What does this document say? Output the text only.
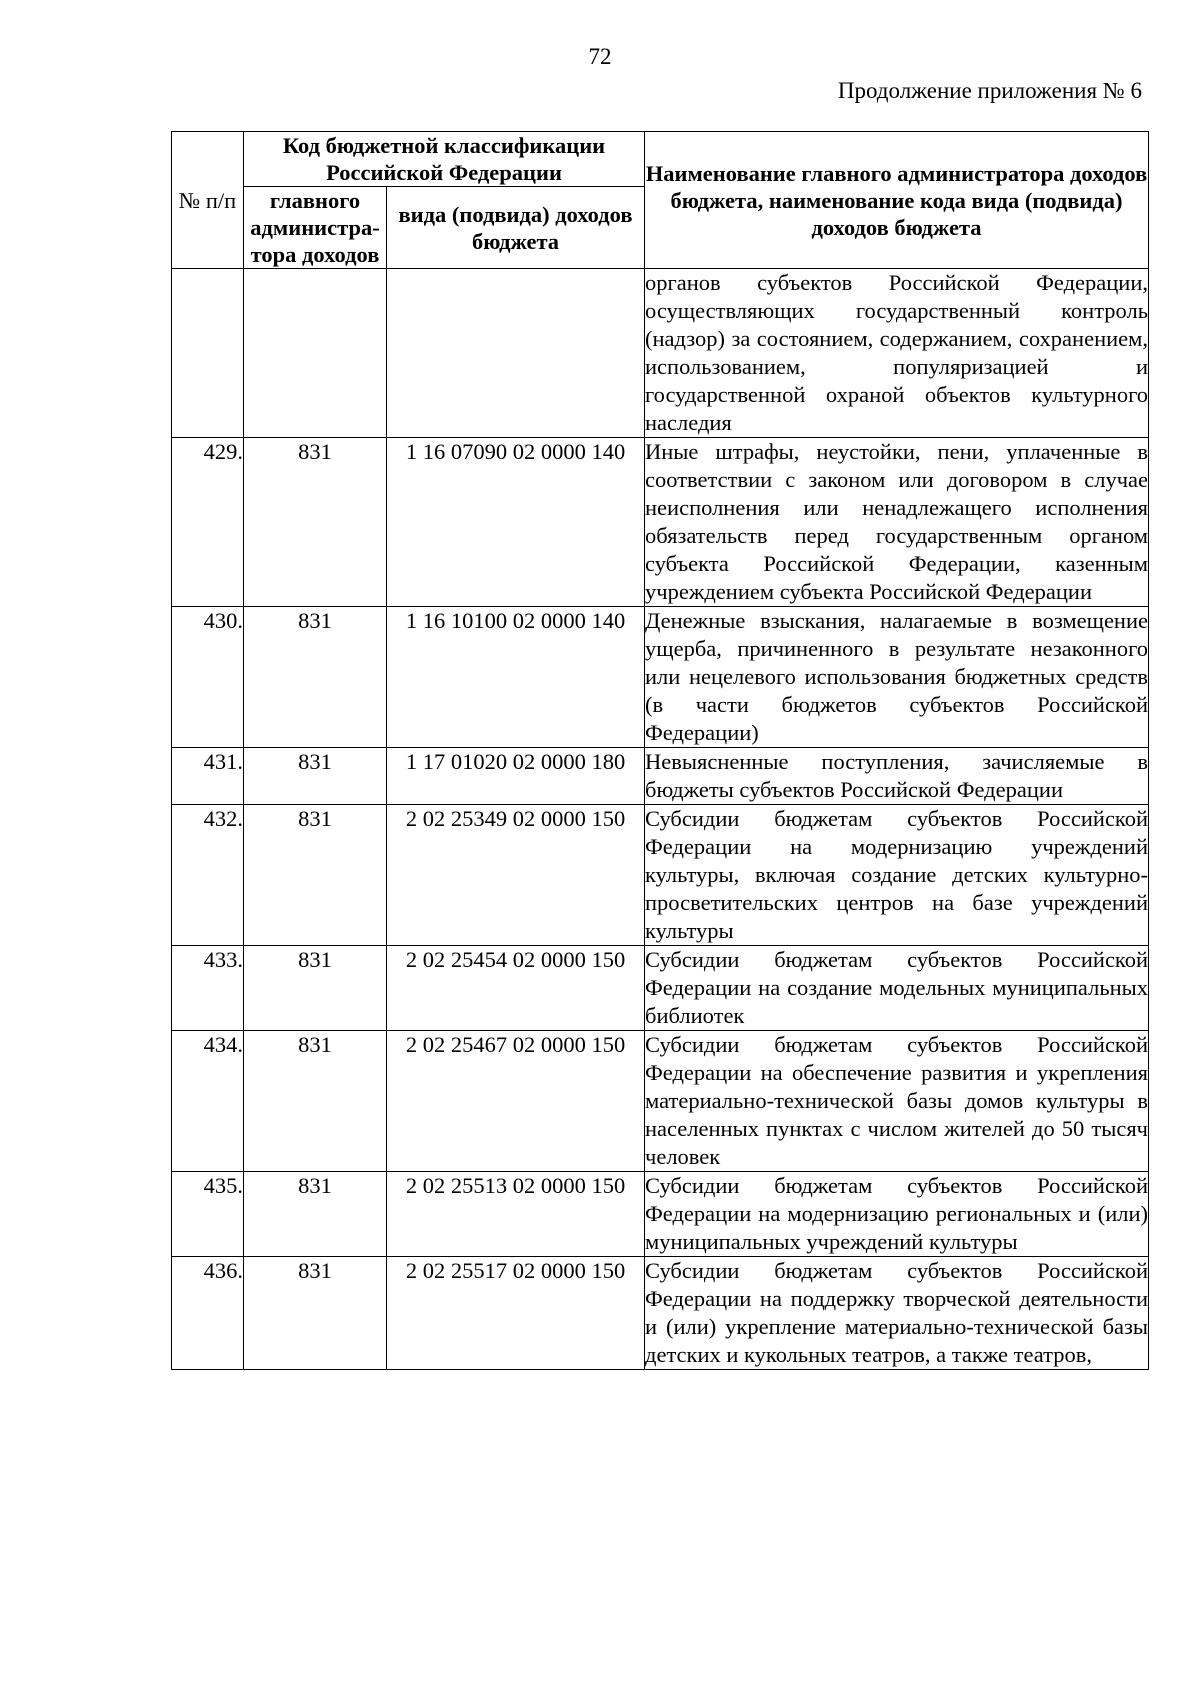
72
Продолжение приложения № 6
№ п/п	Код бюджетной классификации Российской Федерации		Наименование главного администратора доходов бюджета, наименование кода вида (подвида) доходов бюджета
	главного администра-тора доходов	вида (подвида) доходов бюджета	
			органов субъектов Российской Федерации, осуществляющих государственный контроль (надзор) за состоянием, содержанием, сохранением, использованием, популяризацией и государственной охраной объектов культурного наследия
429.	831	1 16 07090 02 0000 140	Иные штрафы, неустойки, пени, уплаченные в соответствии с законом или договором в случае неисполнения или ненадлежащего исполнения обязательств перед государственным органом субъекта Российской Федерации, казенным учреждением субъекта Российской Федерации
430.	831	1 16 10100 02 0000 140	Денежные взыскания, налагаемые в возмещение ущерба, причиненного в результате незаконного или нецелевого использования бюджетных средств (в части бюджетов субъектов Российской Федерации)
431.	831	1 17 01020 02 0000 180	Невыясненные поступления, зачисляемые в бюджеты субъектов Российской Федерации
432.	831	2 02 25349 02 0000 150	Субсидии бюджетам субъектов Российской Федерации на модернизацию учреждений культуры, включая создание детских культурно-просветительских центров на базе учреждений культуры
433.	831	2 02 25454 02 0000 150	Субсидии бюджетам субъектов Российской Федерации на создание модельных муниципальных библиотек
434.	831	2 02 25467 02 0000 150	Субсидии бюджетам субъектов Российской Федерации на обеспечение развития и укрепления материально-технической базы домов культуры в населенных пунктах с числом жителей до 50 тысяч человек
435.	831	2 02 25513 02 0000 150	Субсидии бюджетам субъектов Российской Федерации на модернизацию региональных и (или) муниципальных учреждений культуры
436.	831	2 02 25517 02 0000 150	Субсидии бюджетам субъектов Российской Федерации на поддержку творческой деятельности и (или) укрепление материально-технической базы детских и кукольных театров, а также театров,
